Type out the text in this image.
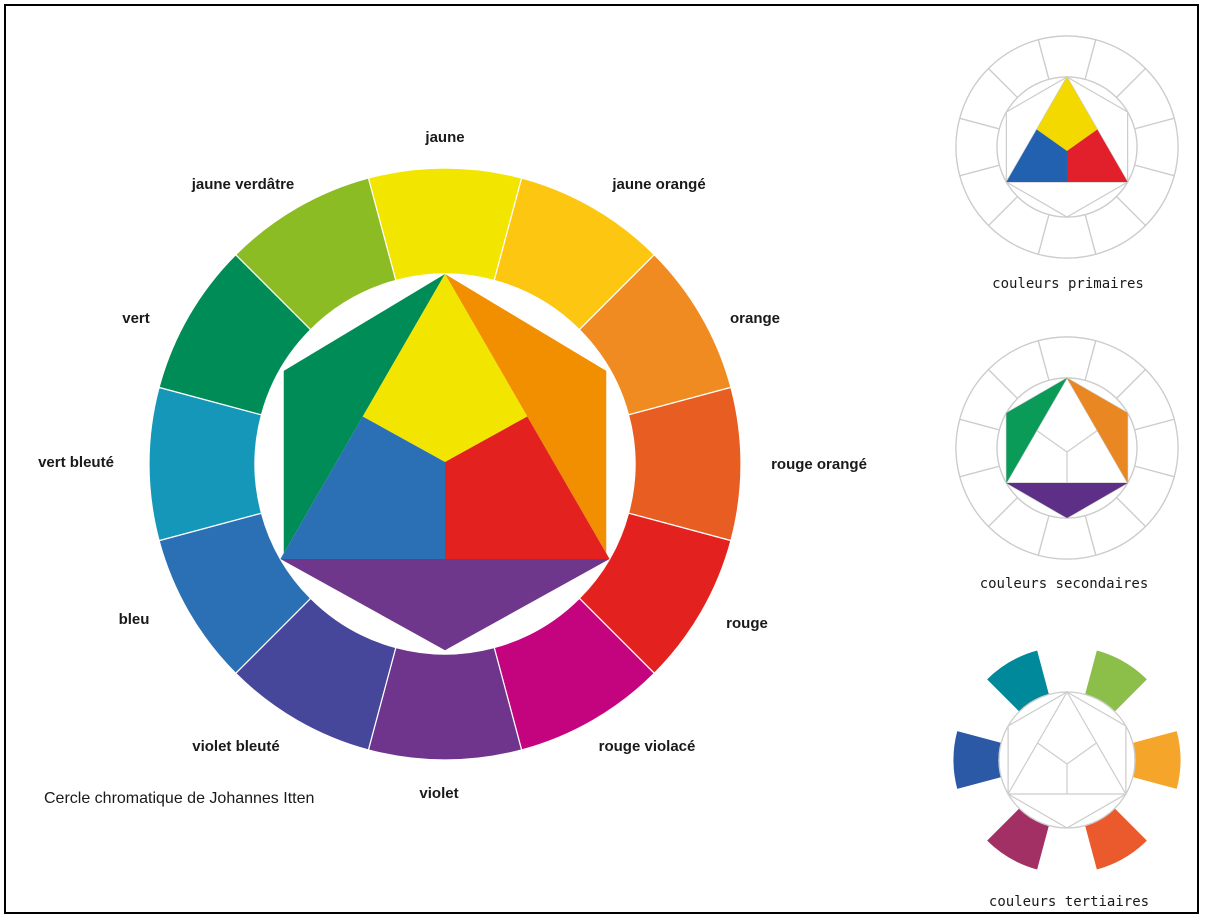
jaune
jaune orangé
orange
rouge orangé
rouge
rouge violacé
violet
violet bleuté
bleu
vert bleuté
vert
jaune verdâtre
Cercle chromatique de Johannes Itten
couleurs primaires
couleurs secondaires
couleurs tertiaires
